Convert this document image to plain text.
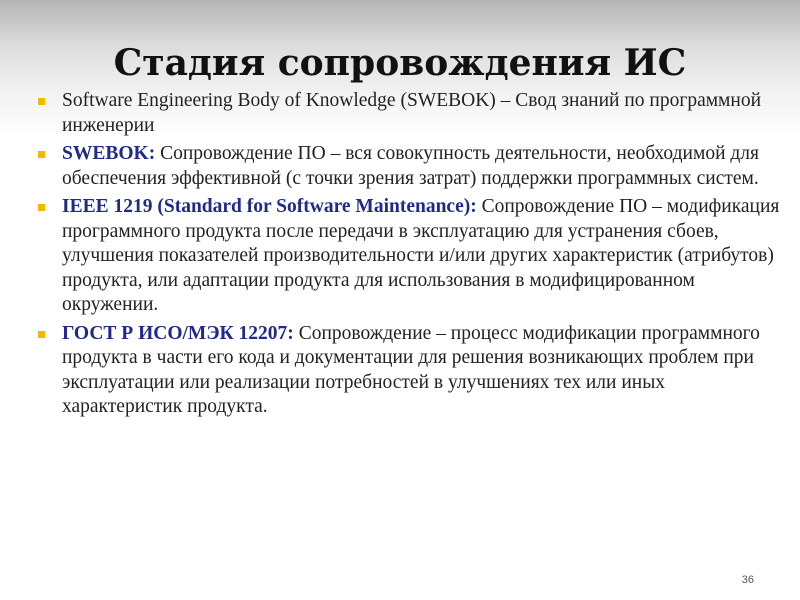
Стадия сопровождения ИС
Software Engineering Body of Knowledge (SWEBOK) – Свод знаний по программной инженерии
SWEBOK: Сопровождение ПО – вся совокупность деятельности, необходимой для обеспечения эффективной (с точки зрения затрат) поддержки программных систем.
IEEE 1219 (Standard for Software Maintenance): Сопровождение ПО – модификация программного продукта после передачи в эксплуатацию для устранения сбоев, улучшения показателей производительности и/или других характеристик (атрибутов) продукта, или адаптации продукта для использования в модифицированном окружении.
ГОСТ Р ИСО/МЭК 12207: Сопровождение – процесс модификации программного продукта в части его кода и документации для решения возникающих проблем при эксплуатации или реализации потребностей в улучшениях тех или иных характеристик продукта.
36
